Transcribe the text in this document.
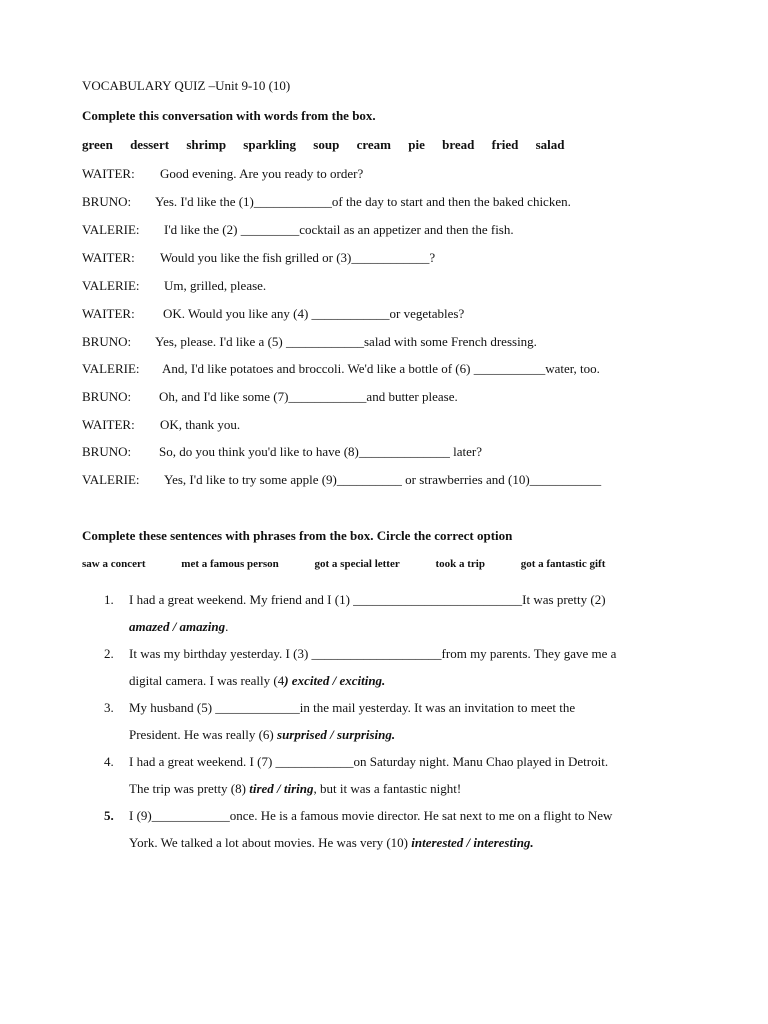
VOCABULARY QUIZ –Unit 9-10 (10)
Complete this conversation with words from the box.
green dessert shrimp sparkling soup cream pie bread fried salad
WAITER: Good evening. Are you ready to order?
BRUNO: Yes. I'd like the (1)____________of the day to start and then the baked chicken.
VALERIE: I'd like the (2) _________cocktail as an appetizer and then the fish.
WAITER: Would you like the fish grilled or (3)____________?
VALERIE: Um, grilled, please.
WAITER: OK. Would you like any (4) ____________or vegetables?
BRUNO: Yes, please. I'd like a (5) ____________salad with some French dressing.
VALERIE: And, I'd like potatoes and broccoli. We'd like a bottle of (6) ___________water, too.
BRUNO: Oh, and I'd like some (7)____________and butter please.
WAITER: OK, thank you.
BRUNO: So, do you think you'd like to have (8)______________ later?
VALERIE: Yes, I'd like to try some apple (9)__________ or strawberries and (10)___________
Complete these sentences with phrases from the box. Circle the correct option
saw a concert	met a famous person	got a special letter	took a trip	got a fantastic gift
1. I had a great weekend. My friend and I (1) __________________________It was pretty (2)
amazed / amazing.
2. It was my birthday yesterday. I (3) ____________________from my parents. They gave me a
digital camera. I was really (4) excited / exciting.
3. My husband (5) _____________in the mail yesterday. It was an invitation to meet the
President. He was really (6) surprised / surprising.
4. I had a great weekend. I (7) ____________on Saturday night. Manu Chao played in Detroit.
The trip was pretty (8) tired / tiring, but it was a fantastic night!
5. I (9)____________once. He is a famous movie director. He sat next to me on a flight to New
York. We talked a lot about movies. He was very (10) interested / interesting.
